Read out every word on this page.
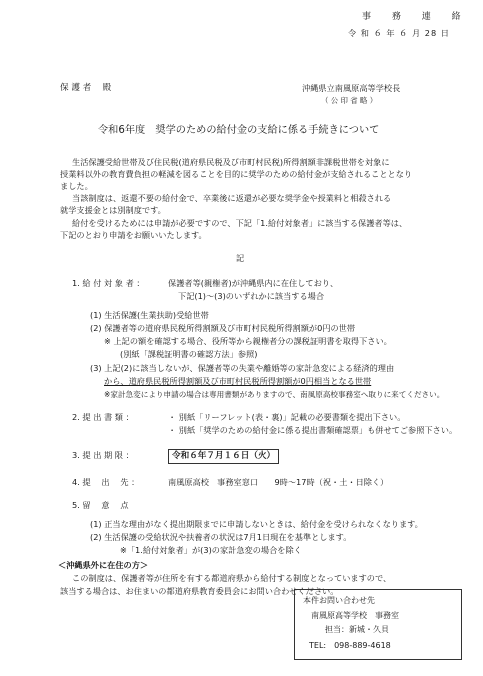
事 務 連 絡
令 和 ６ 年 ６ 月 28 日
保 護 者　 殿	沖縄県立南風原高等学校長
（ 公 印 省 略 ）
令和6年度　奨学のための給付金の支給に係る手続きについて
生活保護受給世帯及び住民税(道府県民税及び市町村民税)所得割額非課税世帯を対象に
授業料以外の教育費負担の軽減を図ることを目的に奨学のための給付金が支給されることとなり
ました。
当該制度は、返還不要の給付金で、卒業後に返還が必要な奨学金や授業料と相殺される
就学支援金とは別制度です。
給付を受けるためには申請が必要ですので、下記「1.給付対象者」に該当する保護者等は、
下記のとおり申請をお願いいたします。
記
1. 給 付 対 象 者 ：	保護者等(親権者)が沖縄県内に在住しており、
下記(1)～(3)のいずれかに該当する場合
(1) 生活保護(生業扶助)受給世帯
(2) 保護者等の道府県民税所得割額及び市町村民税所得割額が0円の世帯
※ 上記の額を確認する場合、役所等から親権者分の課税証明書を取得下さい。
(別紙「課税証明書の確認方法」参照)
(3) 上記(2)に該当しないが、保護者等の失業や離婚等の家計急変による経済的理由
から、道府県民税所得割額及び市町村民税所得割額が0円相当となる世帯
※家計急変により申請の場合は専用書類がありますので、南風原高校事務室へ取りに来てください。
2. 提 出 書 類 ：	・ 別紙「リーフレット(表・裏)」記載の必要書類を提出下さい。
・ 別紙「奨学のための給付金に係る提出書類確認票」も併せてご参照下さい。
3. 提 出 期 限 ：	令和６年７月１６日（火）
4. 提　 出　 先 ：	南風原高校　事務室窓口　　9時～17時（祝・土・日除く）
5. 留　 意　 点
(1) 正当な理由がなく提出期限までに申請しないときは、給付金を受けられなくなります。
(2) 生活保護の受給状況や扶養者の状況は7月1日現在を基準とします。
※「1.給付対象者」が(3)の家計急変の場合を除く
＜沖縄県外に在住の方＞
この制度は、保護者等が住所を有する都道府県から給付する制度となっていますので、
該当する場合は、お住まいの都道府県教育委員会にお問い合わせください。
本件お問い合わせ先
南風原高等学校　事務室
担当：新城・久貝
TEL:　098-889-4618
